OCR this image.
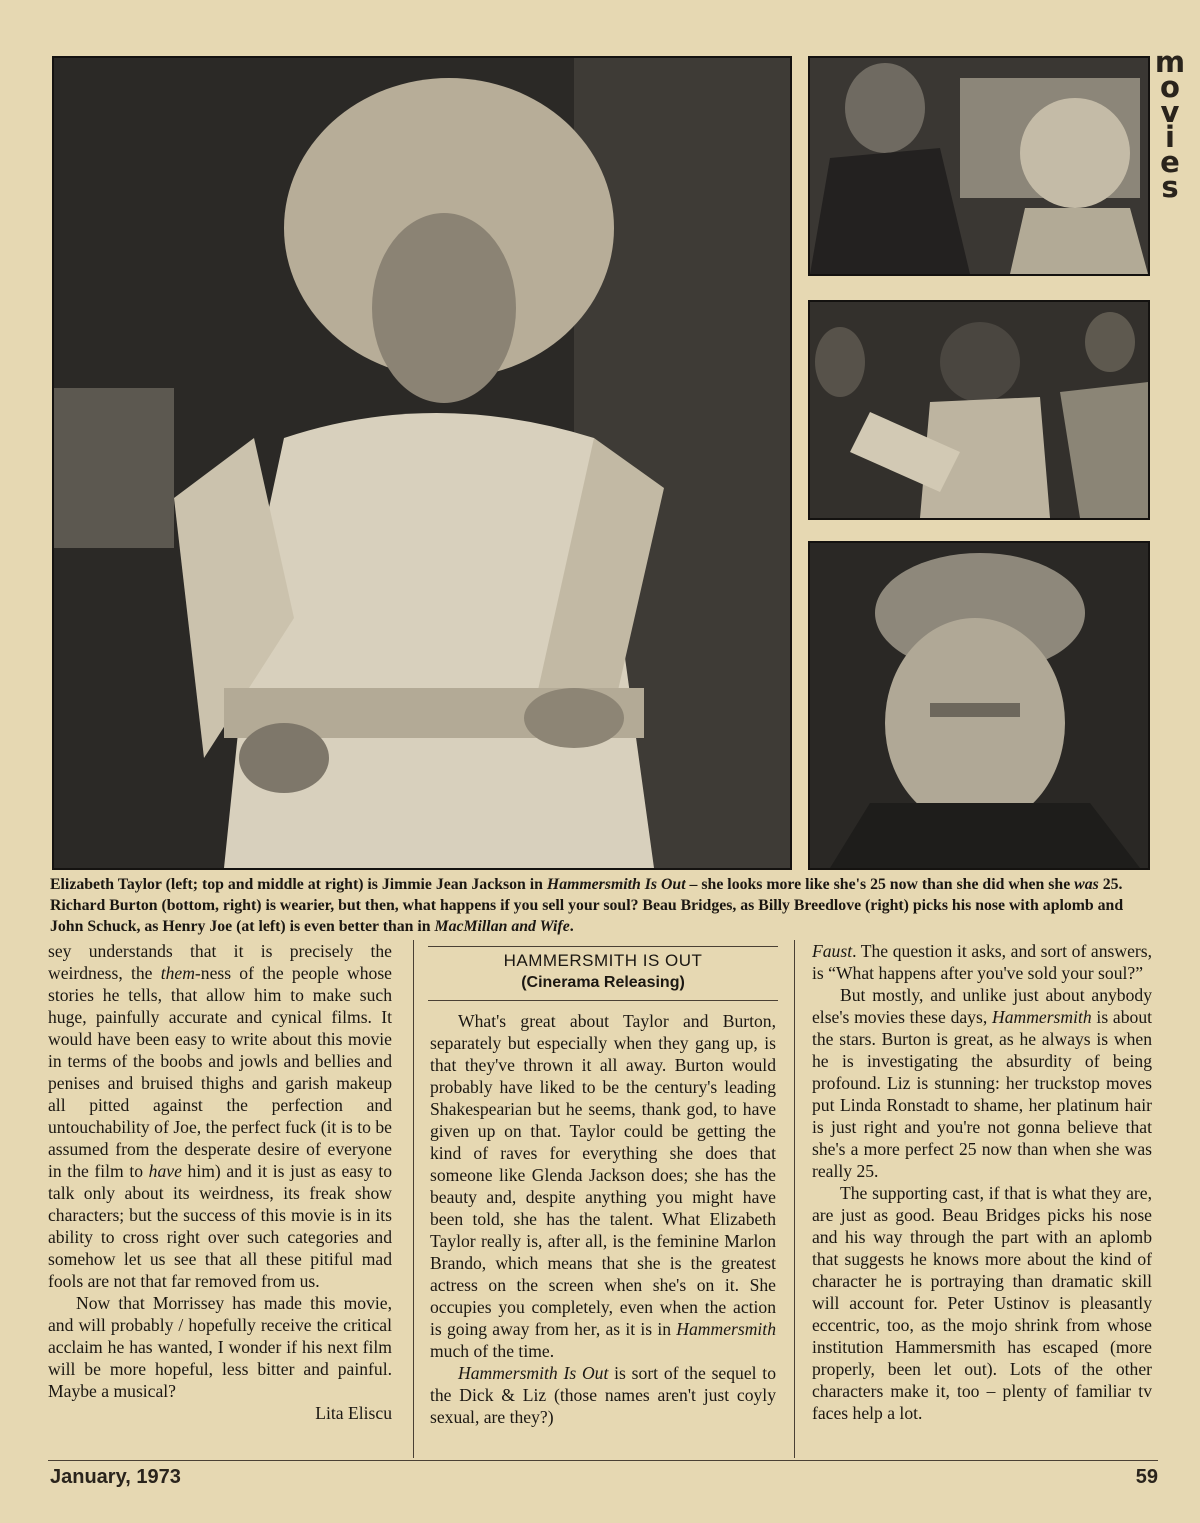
m
o
v
i
e
s
Elizabeth Taylor (left; top and middle at right) is Jimmie Jean Jackson in Hammersmith Is Out – she looks more like she's 25 now than she did when she was 25. Richard Burton (bottom, right) is wearier, but then, what happens if you sell your soul? Beau Bridges, as Billy Breedlove (right) picks his nose with aplomb and John Schuck, as Henry Joe (at left) is even better than in MacMillan and Wife.

sey understands that it is precisely the weirdness, the them-ness of the people whose stories he tells, that allow him to make such huge, painfully accurate and cynical films. It would have been easy to write about this movie in terms of the boobs and jowls and bellies and penises and bruised thighs and garish makeup all pitted against the perfection and untouchability of Joe, the perfect fuck (it is to be assumed from the desperate desire of everyone in the film to have him) and it is just as easy to talk only about its weirdness, its freak show characters; but the success of this movie is in its ability to cross right over such categories and somehow let us see that all these pitiful mad fools are not that far removed from us.

Now that Morrissey has made this movie, and will probably / hopefully receive the critical acclaim he has wanted, I wonder if his next film will be more hopeful, less bitter and painful. Maybe a musical?

Lita Eliscu

HAMMERSMITH IS OUT
(Cinerama Releasing)

What's great about Taylor and Burton, separately but especially when they gang up, is that they've thrown it all away. Burton would probably have liked to be the century's leading Shakespearian but he seems, thank god, to have given up on that. Taylor could be getting the kind of raves for everything she does that someone like Glenda Jackson does; she has the beauty and, despite anything you might have been told, she has the talent. What Elizabeth Taylor really is, after all, is the feminine Marlon Brando, which means that she is the greatest actress on the screen when she's on it. She occupies you completely, even when the action is going away from her, as it is in Hammersmith much of the time.

Hammersmith Is Out is sort of the sequel to the Dick & Liz (those names aren't just coyly sexual, are they?)

Faust. The question it asks, and sort of answers, is “What happens after you've sold your soul?”

But mostly, and unlike just about anybody else's movies these days, Hammersmith is about the stars. Burton is great, as he always is when he is investigating the absurdity of being profound. Liz is stunning: her truckstop moves put Linda Ronstadt to shame, her platinum hair is just right and you're not gonna believe that she's a more perfect 25 now than when she was really 25.

The supporting cast, if that is what they are, are just as good. Beau Bridges picks his nose and his way through the part with an aplomb that suggests he knows more about the kind of character he is portraying than dramatic skill will account for. Peter Ustinov is pleasantly eccentric, too, as the mojo shrink from whose institution Hammersmith has escaped (more properly, been let out). Lots of the other characters make it, too – plenty of familiar tv faces help a lot.

January, 1973	59
